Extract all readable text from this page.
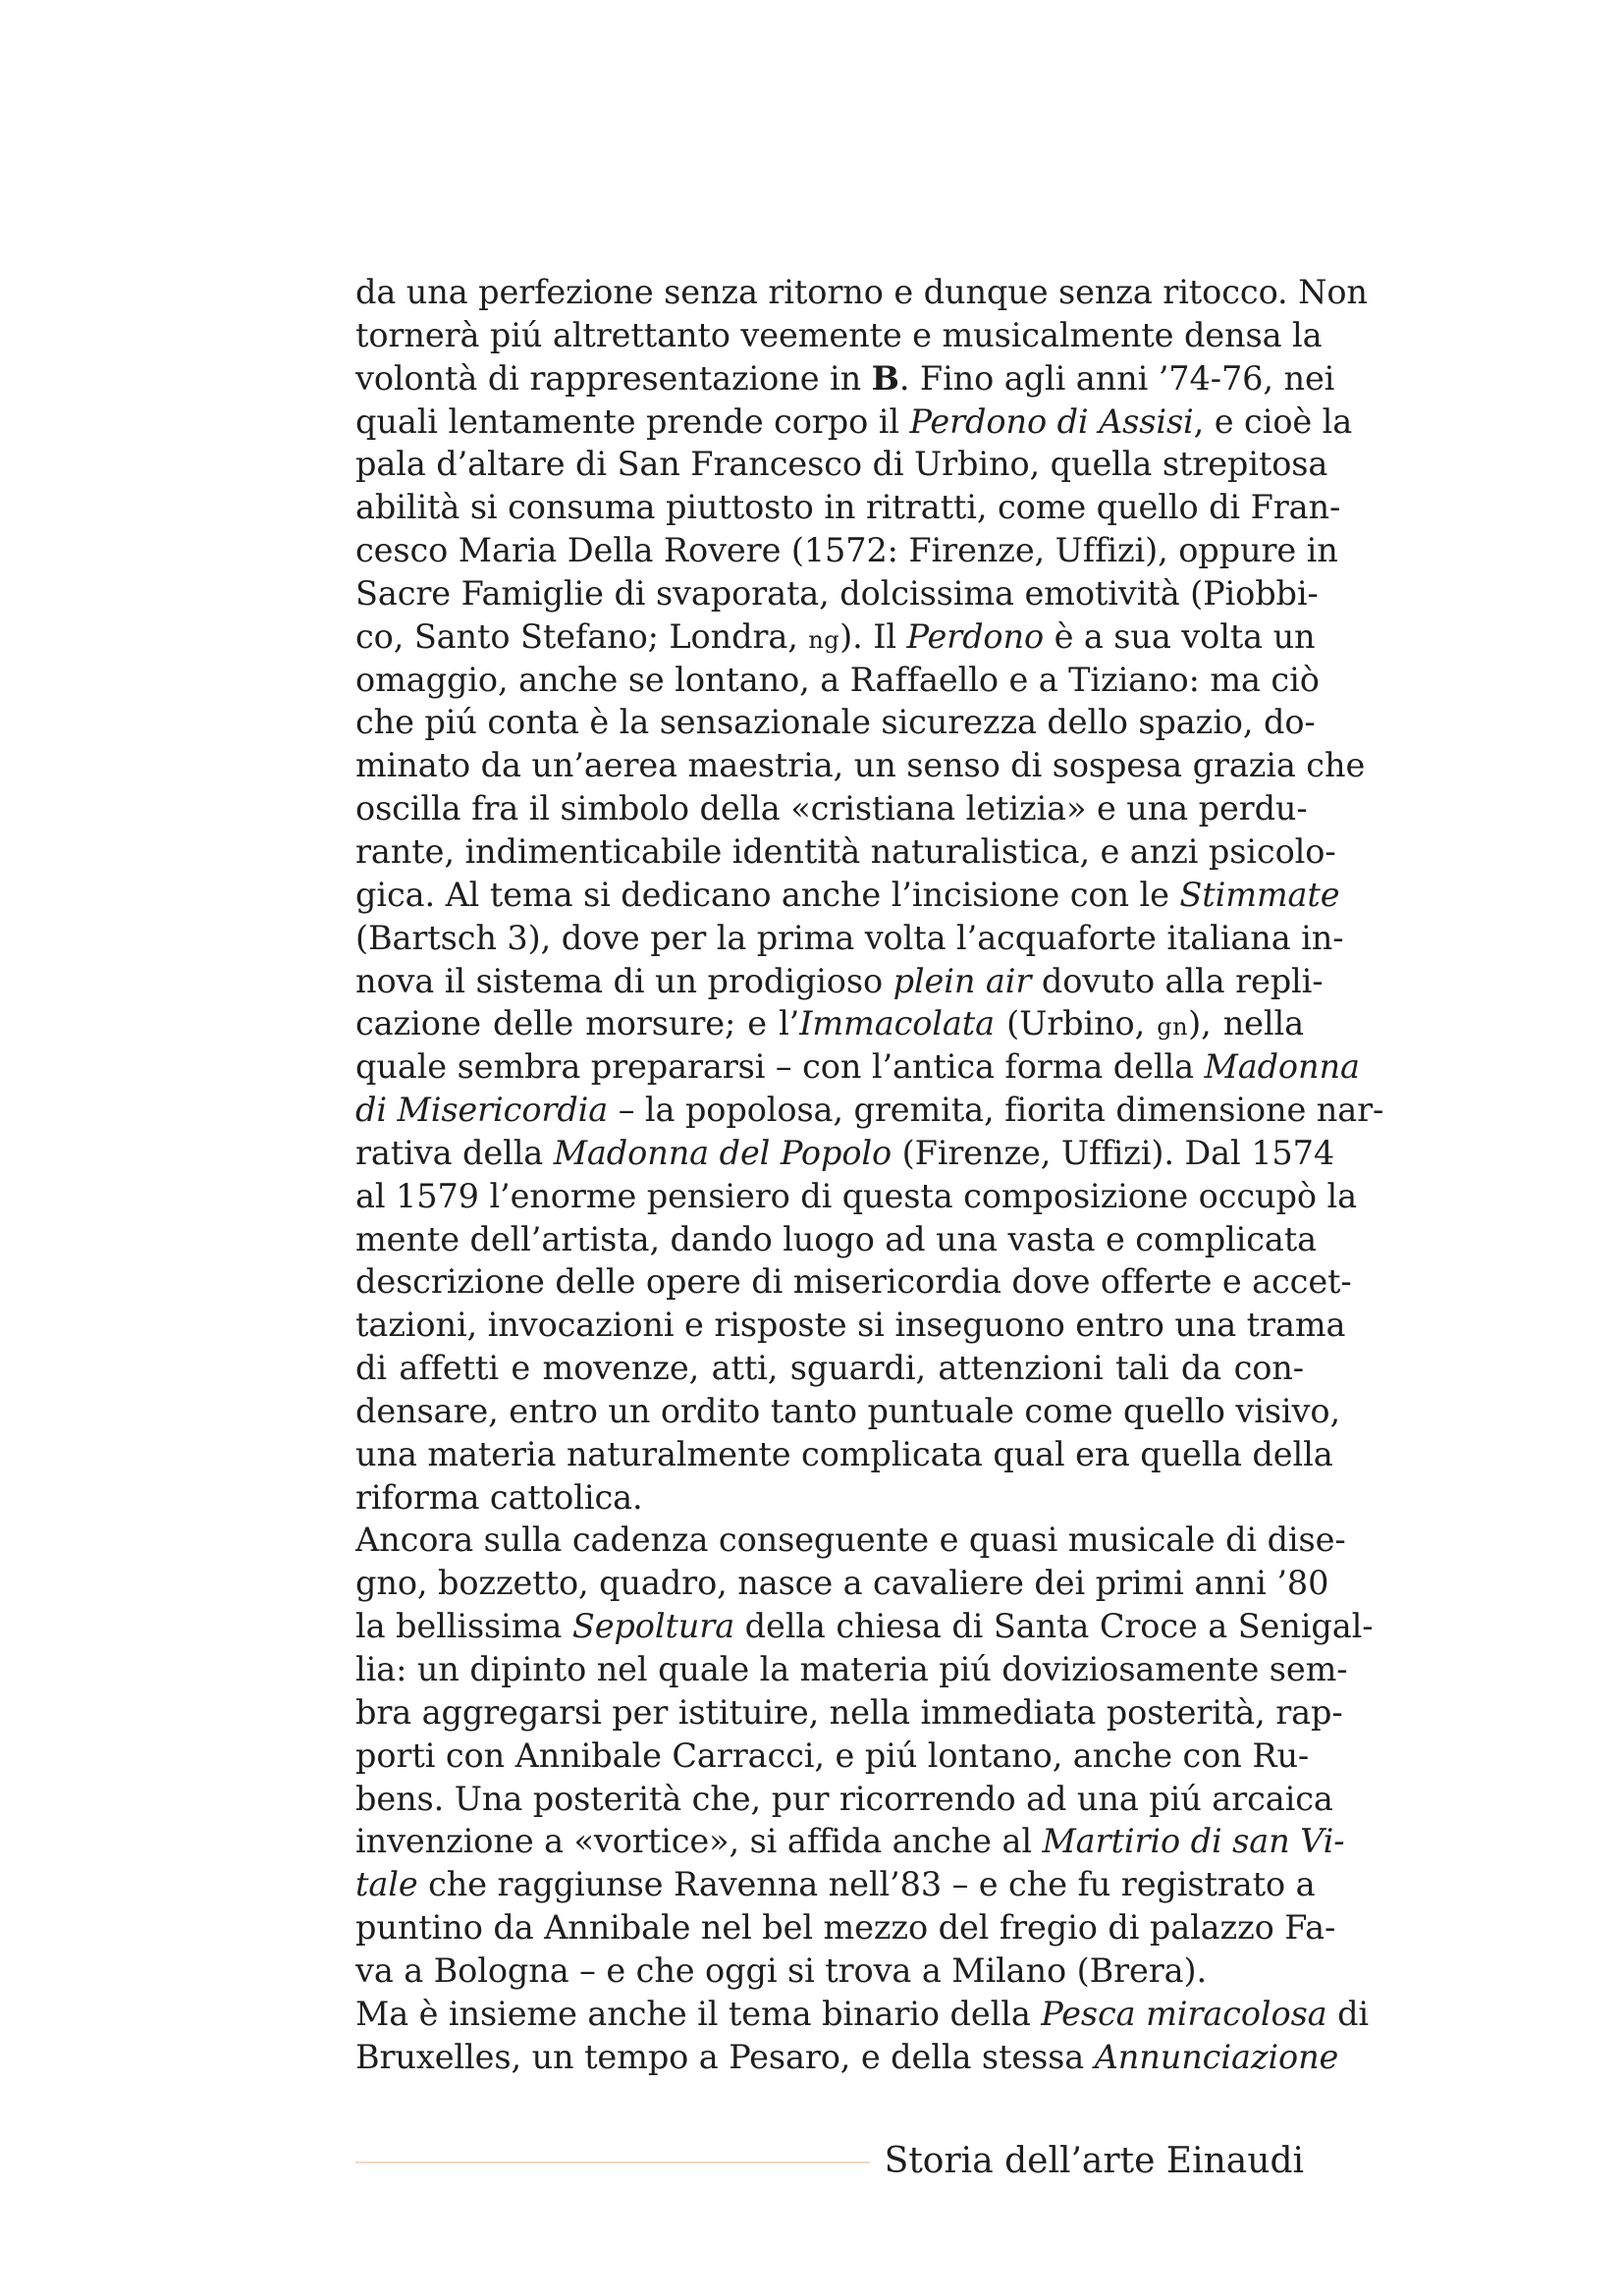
da una perfezione senza ritorno e dunque senza ritocco. Non
tornerà piú altrettanto veemente e musicalmente densa la
volontà di rappresentazione in B. Fino agli anni ’74-76, nei
quali lentamente prende corpo il Perdono di Assisi, e cioè la
pala d’altare di San Francesco di Urbino, quella strepitosa
abilità si consuma piuttosto in ritratti, come quello di Fran-
cesco Maria Della Rovere (1572: Firenze, Uffizi), oppure in
Sacre Famiglie di svaporata, dolcissima emotività (Piobbi-
co, Santo Stefano; Londra, ng). Il Perdono è a sua volta un
omaggio, anche se lontano, a Raffaello e a Tiziano: ma ciò
che piú conta è la sensazionale sicurezza dello spazio, do-
minato da un’aerea maestria, un senso di sospesa grazia che
oscilla fra il simbolo della «cristiana letizia» e una perdu-
rante, indimenticabile identità naturalistica, e anzi psicolo-
gica. Al tema si dedicano anche l’incisione con le Stimmate
(Bartsch 3), dove per la prima volta l’acquaforte italiana in-
nova il sistema di un prodigioso plein air dovuto alla repli-
cazione delle morsure; e l’Immacolata (Urbino, gn), nella
quale sembra prepararsi – con l’antica forma della Madonna
di Misericordia – la popolosa, gremita, fiorita dimensione nar-
rativa della Madonna del Popolo (Firenze, Uffizi). Dal 1574
al 1579 l’enorme pensiero di questa composizione occupò la
mente dell’artista, dando luogo ad una vasta e complicata
descrizione delle opere di misericordia dove offerte e accet-
tazioni, invocazioni e risposte si inseguono entro una trama
di affetti e movenze, atti, sguardi, attenzioni tali da con-
densare, entro un ordito tanto puntuale come quello visivo,
una materia naturalmente complicata qual era quella della
riforma cattolica.
Ancora sulla cadenza conseguente e quasi musicale di dise-
gno, bozzetto, quadro, nasce a cavaliere dei primi anni ’80
la bellissima Sepoltura della chiesa di Santa Croce a Senigal-
lia: un dipinto nel quale la materia piú doviziosamente sem-
bra aggregarsi per istituire, nella immediata posterità, rap-
porti con Annibale Carracci, e piú lontano, anche con Ru-
bens. Una posterità che, pur ricorrendo ad una piú arcaica
invenzione a «vortice», si affida anche al Martirio di san Vi-
tale che raggiunse Ravenna nell’83 – e che fu registrato a
puntino da Annibale nel bel mezzo del fregio di palazzo Fa-
va a Bologna – e che oggi si trova a Milano (Brera).
Ma è insieme anche il tema binario della Pesca miracolosa di
Bruxelles, un tempo a Pesaro, e della stessa Annunciazione
Storia dell’arte Einaudi
